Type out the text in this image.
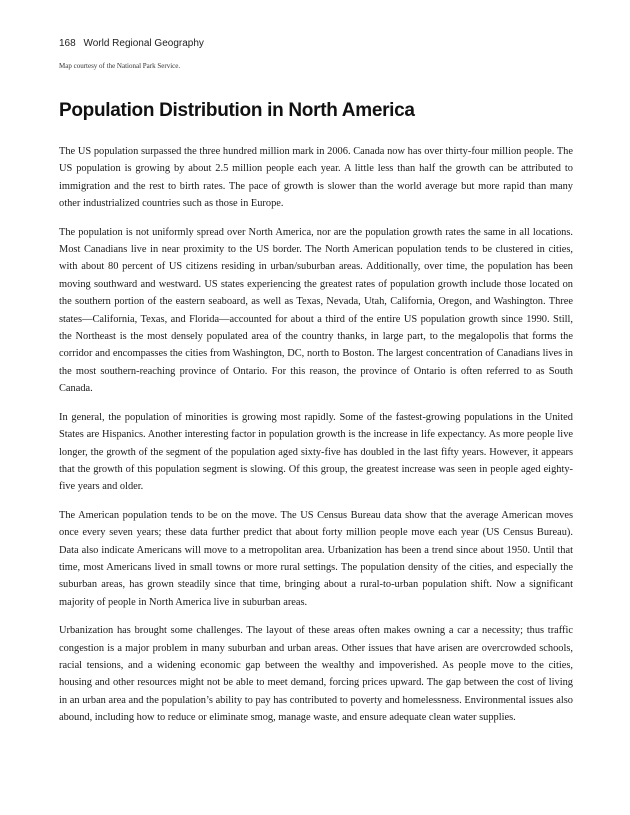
168 World Regional Geography
Map courtesy of the National Park Service.
Population Distribution in North America

The US population surpassed the three hundred million mark in 2006. Canada now has over thirty-four million people. The US population is growing by about 2.5 million people each year. A little less than half the growth can be attributed to immigration and the rest to birth rates. The pace of growth is slower than the world average but more rapid than many other industrialized countries such as those in Europe.

The population is not uniformly spread over North America, nor are the population growth rates the same in all locations. Most Canadians live in near proximity to the US border. The North American population tends to be clustered in cities, with about 80 percent of US citizens residing in urban/suburban areas. Additionally, over time, the population has been moving southward and westward. US states experiencing the greatest rates of population growth include those located on the southern portion of the eastern seaboard, as well as Texas, Nevada, Utah, California, Oregon, and Washington. Three states—California, Texas, and Florida—accounted for about a third of the entire US population growth since 1990. Still, the Northeast is the most densely populated area of the country thanks, in large part, to the megalopolis that forms the corridor and encompasses the cities from Washington, DC, north to Boston. The largest concentration of Canadians lives in the most southern-reaching province of Ontario. For this reason, the province of Ontario is often referred to as South Canada.

In general, the population of minorities is growing most rapidly. Some of the fastest-growing populations in the United States are Hispanics. Another interesting factor in population growth is the increase in life expectancy. As more people live longer, the growth of the segment of the population aged sixty-five has doubled in the last fifty years. However, it appears that the growth of this population segment is slowing. Of this group, the greatest increase was seen in people aged eighty-five years and older.

The American population tends to be on the move. The US Census Bureau data show that the average American moves once every seven years; these data further predict that about forty million people move each year (US Census Bureau). Data also indicate Americans will move to a metropolitan area. Urbanization has been a trend since about 1950. Until that time, most Americans lived in small towns or more rural settings. The population density of the cities, and especially the suburban areas, has grown steadily since that time, bringing about a rural-to-urban population shift. Now a significant majority of people in North America live in suburban areas.

Urbanization has brought some challenges. The layout of these areas often makes owning a car a necessity; thus traffic congestion is a major problem in many suburban and urban areas. Other issues that have arisen are overcrowded schools, racial tensions, and a widening economic gap between the wealthy and impoverished. As people move to the cities, housing and other resources might not be able to meet demand, forcing prices upward. The gap between the cost of living in an urban area and the population’s ability to pay has contributed to poverty and homelessness. Environmental issues also abound, including how to reduce or eliminate smog, manage waste, and ensure adequate clean water supplies.
